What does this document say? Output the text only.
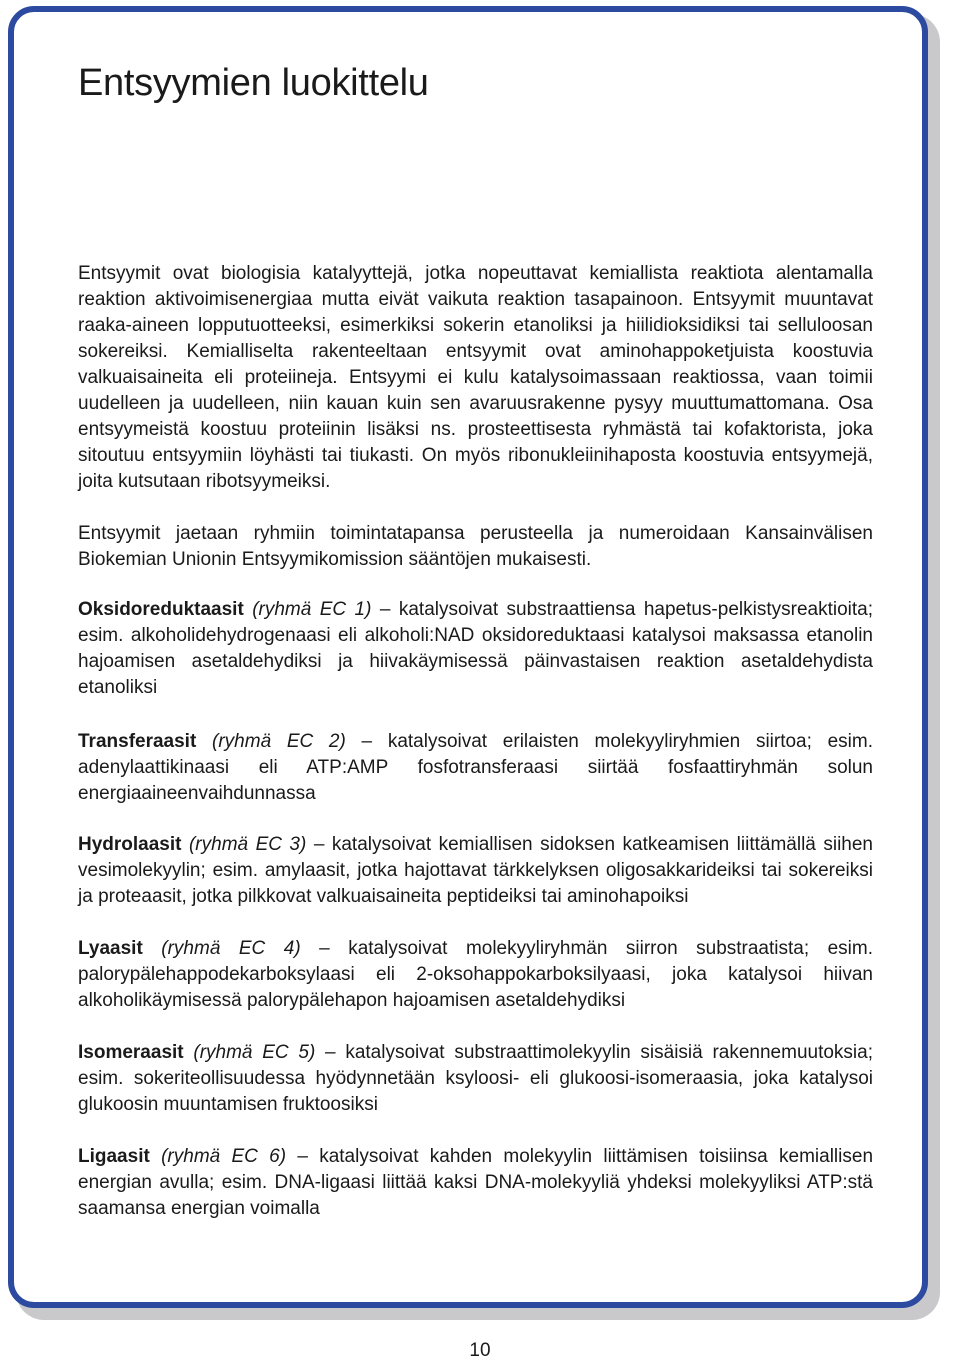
Entsyymien luokittelu

Entsyymit ovat biologisia katalyyttejä, jotka nopeuttavat kemiallista reaktiota alentamalla reaktion aktivoimisenergiaa mutta eivät vaikuta reaktion tasapainoon. Entsyymit muuntavat raaka-aineen lopputuotteeksi, esimerkiksi sokerin etanoliksi ja hiilidioksidiksi tai selluloosan sokereiksi. Kemialliselta rakenteeltaan entsyymit ovat aminohappoketjuista koostuvia valkuaisaineita eli proteiineja. Entsyymi ei kulu katalysoimassaan reaktiossa, vaan toimii uudelleen ja uudelleen, niin kauan kuin sen avaruusrakenne pysyy muuttumattomana. Osa entsyymeistä koostuu proteiinin lisäksi ns. prosteettisesta ryhmästä tai kofaktorista, joka sitoutuu entsyymiin löyhästi tai tiukasti. On myös ribonukleiinihaposta koostuvia entsyymejä, joita kutsutaan ribotsyymeiksi.

Entsyymit jaetaan ryhmiin toimintatapansa perusteella ja numeroidaan Kansainvälisen Biokemian Unionin Entsyymikomission sääntöjen mukaisesti.

Oksidoreduktaasit (ryhmä EC 1) – katalysoivat substraattiensa hapetus-pelkistysreaktioita; esim. alkoholidehydrogenaasi eli alkoholi:NAD oksidoreduktaasi katalysoi maksassa etanolin hajoamisen asetaldehydiksi ja hiivakäymisessä päinvastaisen reaktion asetaldehydista etanoliksi

Transferaasit (ryhmä EC 2) – katalysoivat erilaisten molekyyliryhmien siirtoa; esim. adenylaattikinaasi eli ATP:AMP fosfotransferaasi siirtää fosfaattiryhmän solun energiaaineenvaihdunnassa

Hydrolaasit (ryhmä EC 3) – katalysoivat kemiallisen sidoksen katkeamisen liittämällä siihen vesimolekyylin; esim. amylaasit, jotka hajottavat tärkkelyksen oligosakkarideiksi tai sokereiksi ja proteaasit, jotka pilkkovat valkuaisaineita peptideiksi tai aminohapoiksi

Lyaasit (ryhmä EC 4) – katalysoivat molekyyliryhmän siirron substraatista; esim. palorypälehappodekarboksylaasi eli 2-oksohappokarboksilyaasi, joka katalysoi hiivan alkoholikäymisessä palorypälehapon hajoamisen asetaldehydiksi

Isomeraasit (ryhmä EC 5) – katalysoivat substraattimolekyylin sisäisiä rakennemuutoksia; esim. sokeriteollisuudessa hyödynnetään ksyloosi- eli glukoosi-isomeraasia, joka katalysoi glukoosin muuntamisen fruktoosiksi

Ligaasit (ryhmä EC 6) – katalysoivat kahden molekyylin liittämisen toisiinsa kemiallisen energian avulla; esim. DNA-ligaasi liittää kaksi DNA-molekyyliä yhdeksi molekyyliksi ATP:stä saamansa energian voimalla

10
